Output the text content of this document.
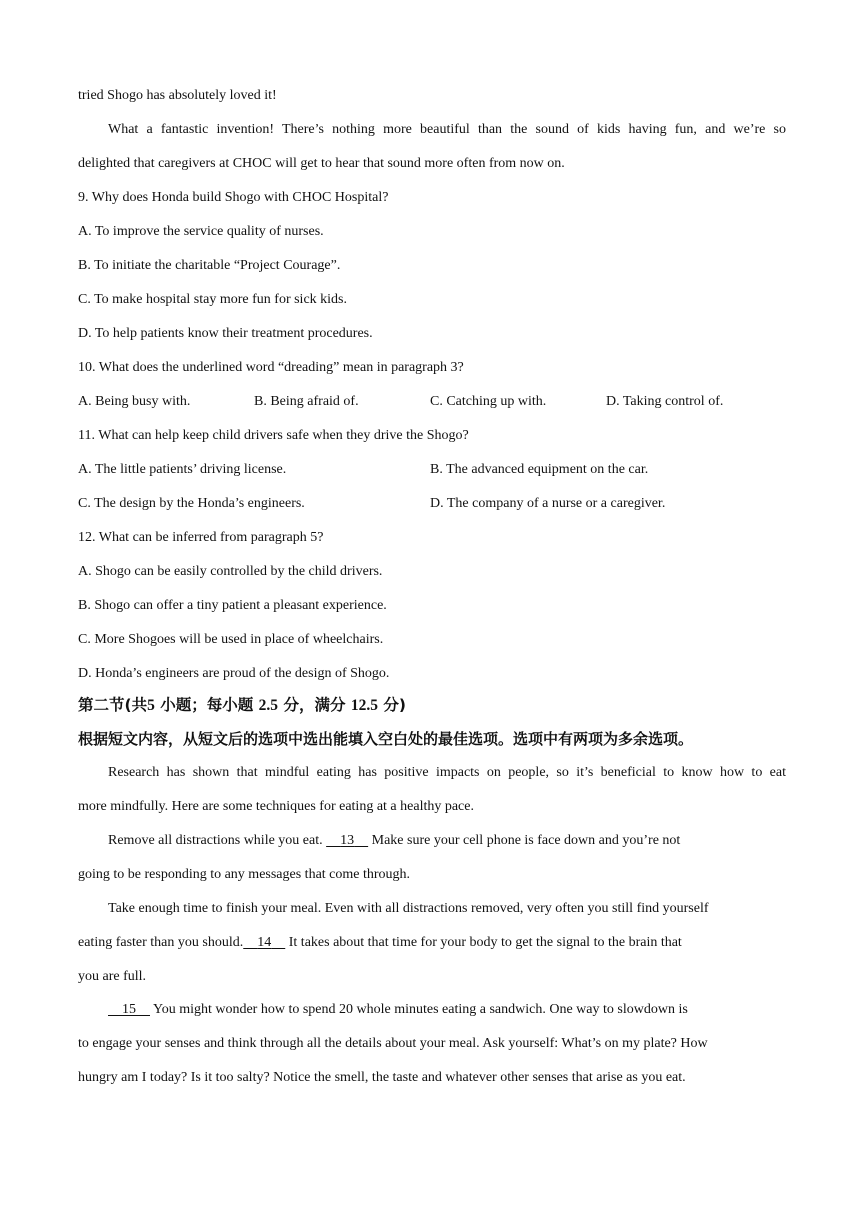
tried Shogo has absolutely loved it!
What a fantastic invention! There’s nothing more beautiful than the sound of kids having fun, and we’re so
delighted that caregivers at CHOC will get to hear that sound more often from now on.
9. Why does Honda build Shogo with CHOC Hospital?
A. To improve the service quality of nurses.
B. To initiate the charitable “Project Courage”.
C. To make hospital stay more fun for sick kids.
D. To help patients know their treatment procedures.
10. What does the underlined word “dreading” mean in paragraph 3?
A. Being busy with.	B. Being afraid of.	C. Catching up with.	D. Taking control of.
11. What can help keep child drivers safe when they drive the Shogo?
A. The little patients’ driving license.	B. The advanced equipment on the car.
C. The design by the Honda’s engineers.	D. The company of a nurse or a caregiver.
12. What can be inferred from paragraph 5?
A. Shogo can be easily controlled by the child drivers.
B. Shogo can offer a tiny patient a pleasant experience.
C. More Shogoes will be used in place of wheelchairs.
D. Honda’s engineers are proud of the design of Shogo.
第二节(共5 小题；每小题 2.5 分，满分 12.5 分)
根据短文内容，从短文后的选项中选出能填入空白处的最佳选项。选项中有两项为多余选项。
Research has shown that mindful eating has positive impacts on people, so it’s beneficial to know how to eat
more mindfully. Here are some techniques for eating at a healthy pace.
Remove all distractions while you eat.     13     Make sure your cell phone is face down and you’re not
going to be responding to any messages that come through.
Take enough time to finish your meal. Even with all distractions removed, very often you still find yourself
eating faster than you should. 14     It takes about that time for your body to get the signal to the brain that
you are full.
15     You might wonder how to spend 20 whole minutes eating a sandwich. One way to slowdown is
to engage your senses and think through all the details about your meal. Ask yourself: What’s on my plate? How
hungry am I today? Is it too salty? Notice the smell, the taste and whatever other senses that arise as you eat.
